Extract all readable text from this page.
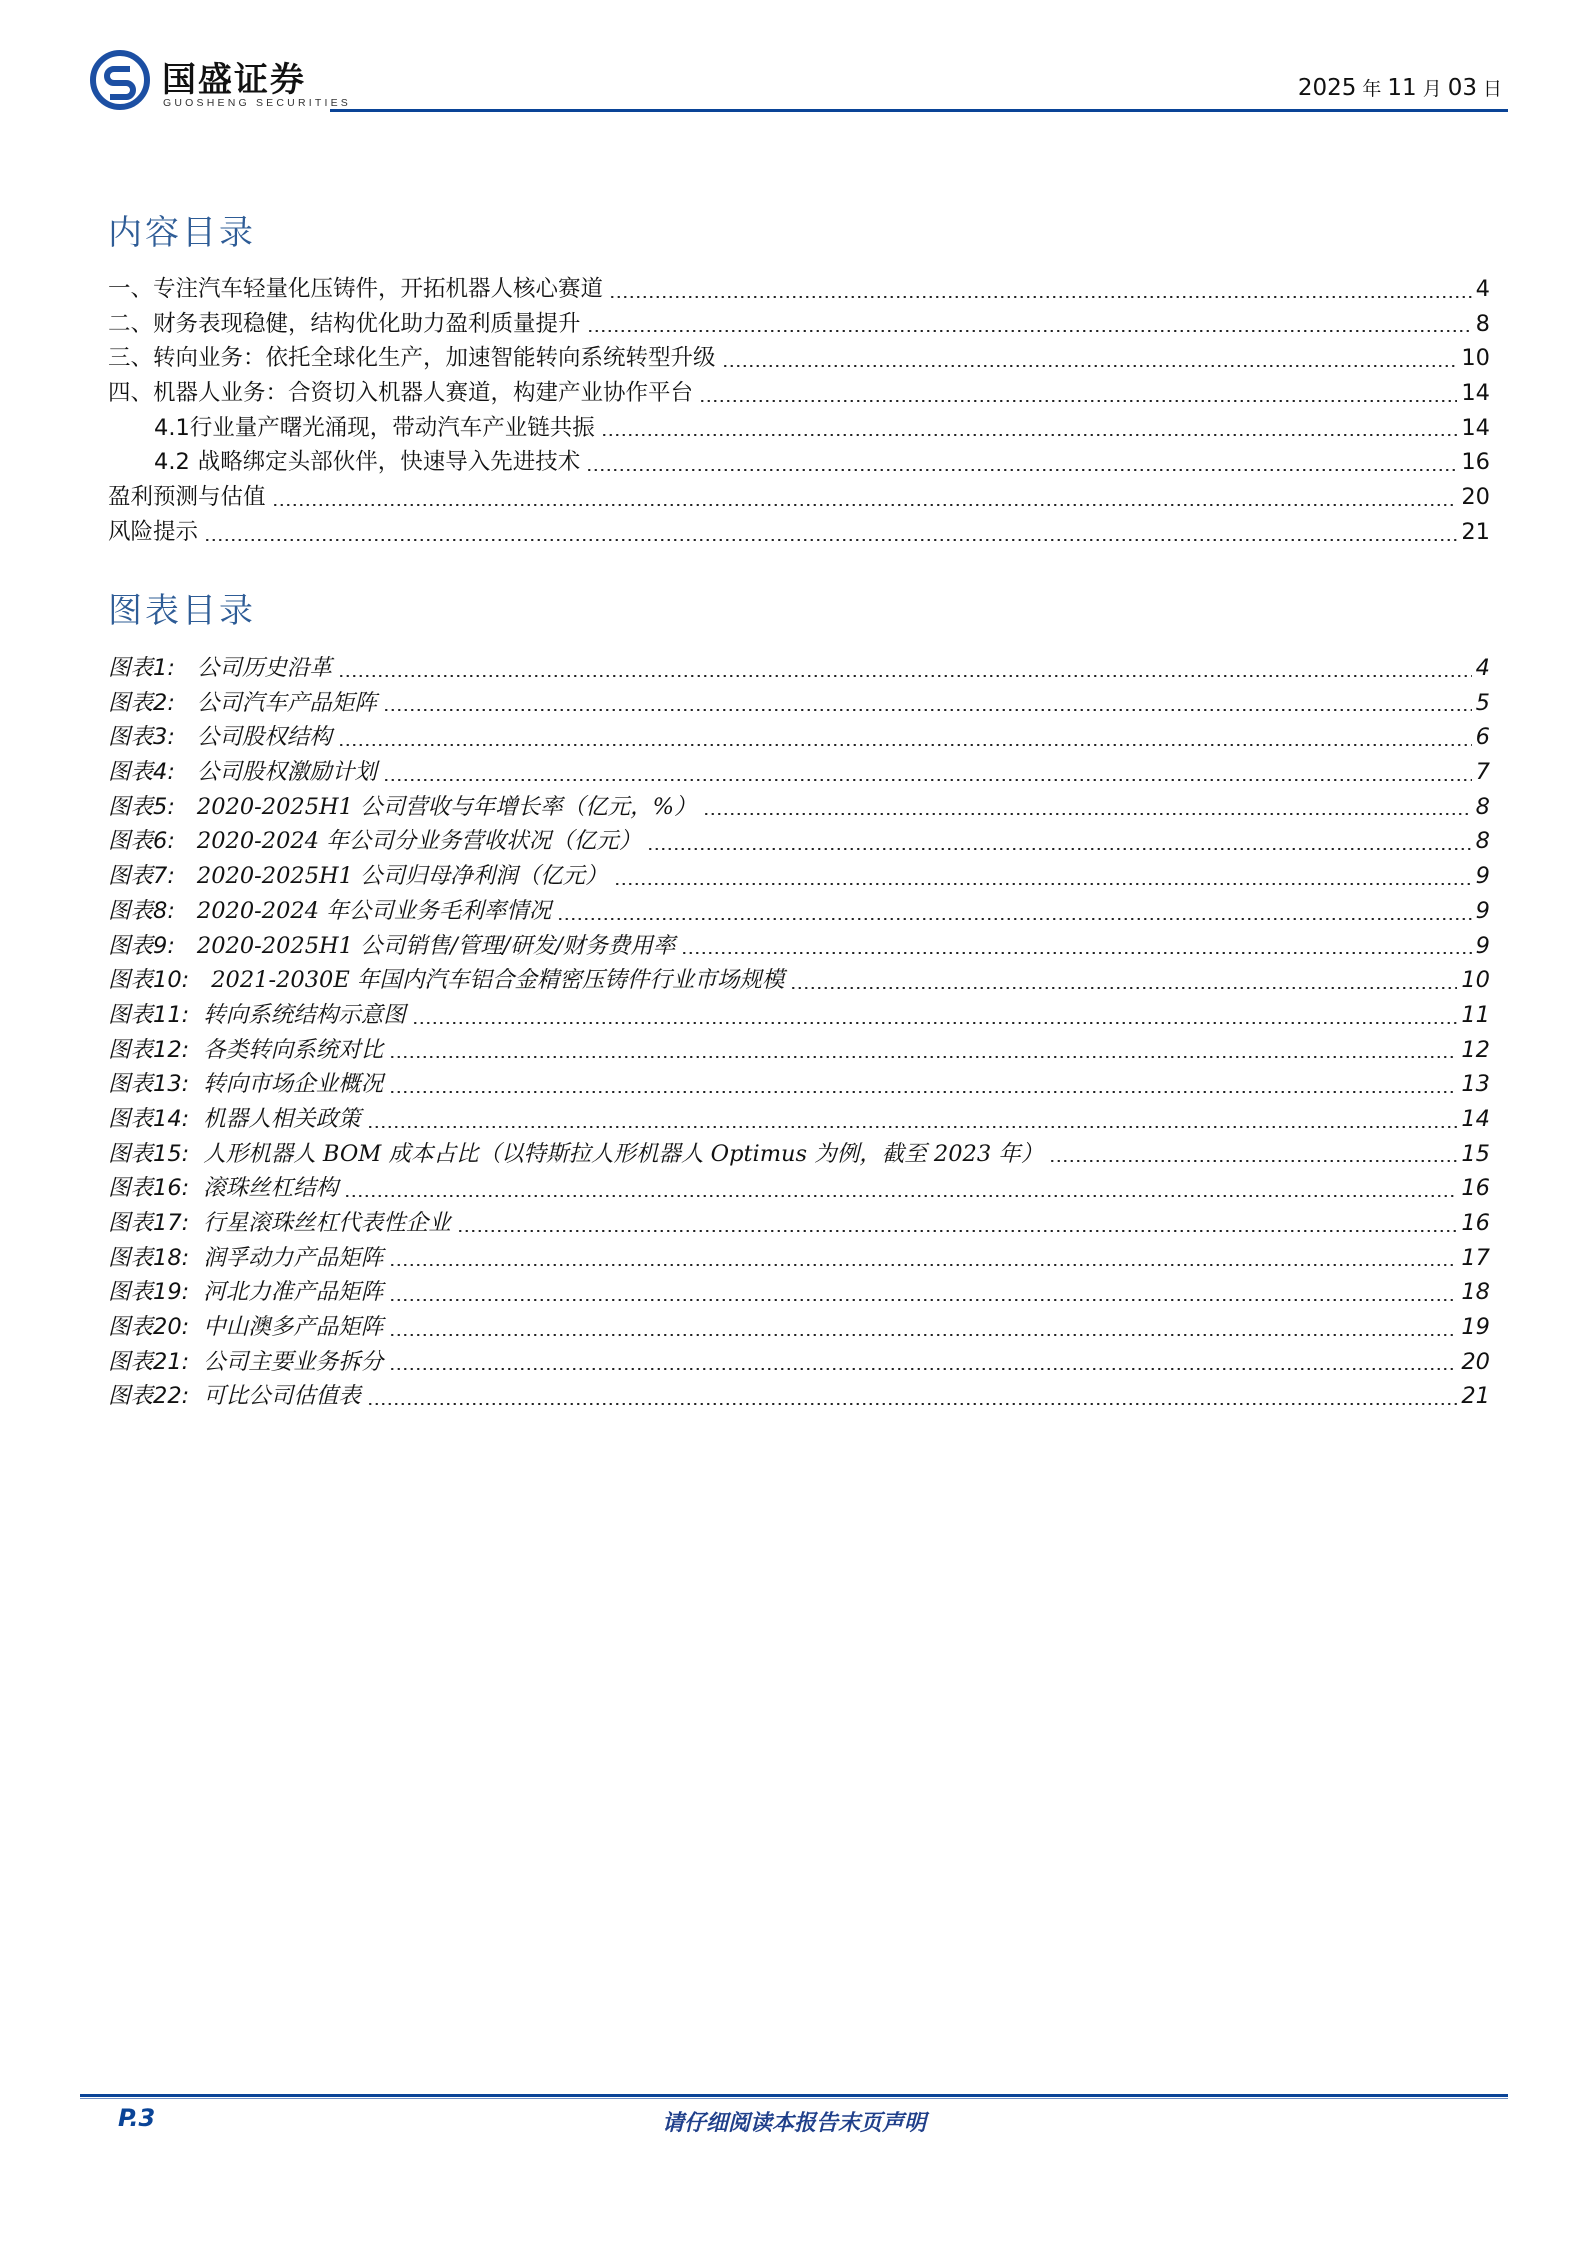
国盛证券
GUOSHENG SECURITIES
2025 年 11 月 03 日
内容目录
一、专注汽车轻量化压铸件，开拓机器人核心赛道	4
二、财务表现稳健，结构优化助力盈利质量提升	8
三、转向业务：依托全球化生产，加速智能转向系统转型升级	10
四、机器人业务：合资切入机器人赛道，构建产业协作平台	14
4.1 行业量产曙光涌现，带动汽车产业链共振	14
4.2 战略绑定头部伙伴，快速导入先进技术	16
盈利预测与估值	20
风险提示	21
图表目录
图表 1: 公司历史沿革	4
图表 2: 公司汽车产品矩阵	5
图表 3: 公司股权结构	6
图表 4: 公司股权激励计划	7
图表 5: 2020-2025H1 公司营收与年增长率（亿元，%）	8
图表 6: 2020-2024 年公司分业务营收状况（亿元）	8
图表 7: 2020-2025H1 公司归母净利润（亿元）	9
图表 8: 2020-2024 年公司业务毛利率情况	9
图表 9: 2020-2025H1 公司销售/管理/研发/财务费用率	9
图表 10: 2021-2030E 年国内汽车铝合金精密压铸件行业市场规模	10
图表 11: 转向系统结构示意图	11
图表 12: 各类转向系统对比	12
图表 13: 转向市场企业概况	13
图表 14: 机器人相关政策	14
图表 15: 人形机器人 BOM 成本占比（以特斯拉人形机器人 Optimus 为例，截至 2023 年）	15
图表 16: 滚珠丝杠结构	16
图表 17: 行星滚珠丝杠代表性企业	16
图表 18: 润孚动力产品矩阵	17
图表 19: 河北力准产品矩阵	18
图表 20: 中山澳多产品矩阵	19
图表 21: 公司主要业务拆分	20
图表 22: 可比公司估值表	21
P.3	请仔细阅读本报告末页声明
